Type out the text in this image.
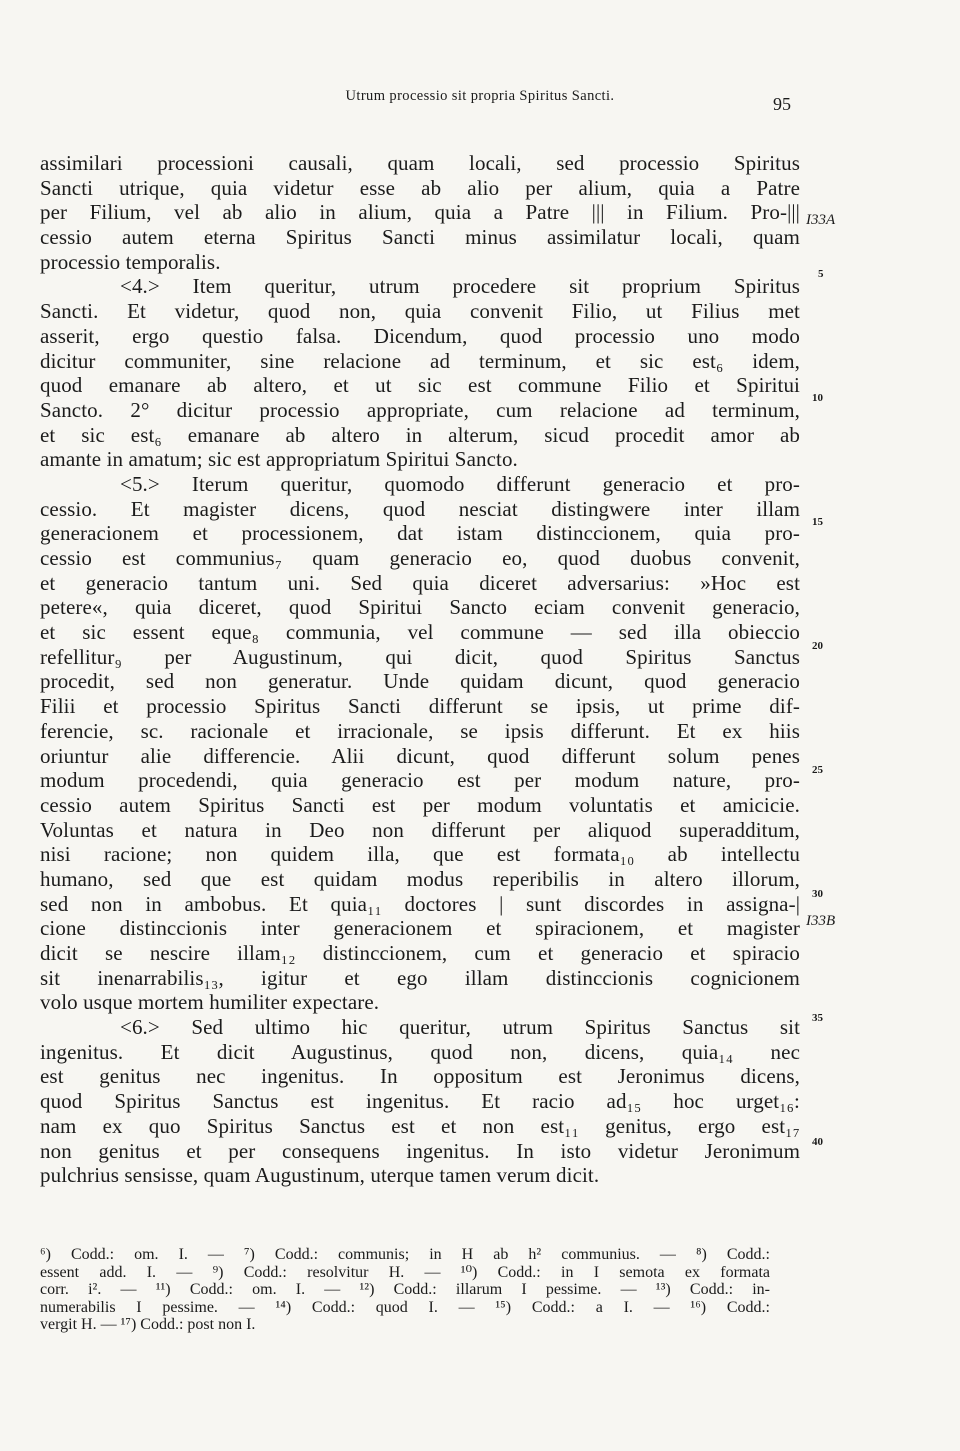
Utrum processio sit propria Spiritus Sancti.	95
assimilari processioni causali, quam locali, sed processio Spiritus
Sancti utrique, quia videtur esse ab alio per alium, quia a Patre
per Filium, vel ab alio in alium, quia a Patre ||| in Filium. Pro-|||
cessio autem eterna Spiritus Sancti minus assimilatur locali, quam
processio temporalis.
<4.> Item queritur, utrum procedere sit proprium Spiritus
Sancti. Et videtur, quod non, quia convenit Filio, ut Filius met
asserit, ergo questio falsa. Dicendum, quod processio uno modo
dicitur communiter, sine relacione ad terminum, et sic est₆ idem,
quod emanare ab altero, et ut sic est commune Filio et Spiritui
Sancto. 2° dicitur processio appropriate, cum relacione ad terminum,
et sic est₆ emanare ab altero in alterum, sicud procedit amor ab
amante in amatum; sic est appropriatum Spiritui Sancto.
<5.> Iterum queritur, quomodo differunt generacio et pro-
cessio. Et magister dicens, quod nesciat distingwere inter illam
generacionem et processionem, dat istam distinccionem, quia pro-
cessio est communius₇ quam generacio eo, quod duobus convenit,
et generacio tantum uni. Sed quia diceret adversarius: »Hoc est
petere«, quia diceret, quod Spiritui Sancto eciam convenit generacio,
et sic essent eque₈ communia, vel commune — sed illa obieccio
refellitur₉ per Augustinum, qui dicit, quod Spiritus Sanctus
procedit, sed non generatur. Unde quidam dicunt, quod generacio
Filii et processio Spiritus Sancti differunt se ipsis, ut prime dif-
ferencie, sc. racionale et irracionale, se ipsis differunt. Et ex hiis
oriuntur alie differencie. Alii dicunt, quod differunt solum penes
modum procedendi, quia generacio est per modum nature, pro-
cessio autem Spiritus Sancti est per modum voluntatis et amicicie.
Voluntas et natura in Deo non differunt per aliquod superadditum,
nisi racione; non quidem illa, que est formata₁₀ ab intellectu
humano, sed que est quidam modus reperibilis in altero illorum,
sed non in ambobus. Et quia₁₁ doctores | sunt discordes in assigna-|
cione distinccionis inter generacionem et spiracionem, et magister
dicit se nescire illam₁₂ distinccionem, cum et generacio et spiracio
sit inenarrabilis₁₃, igitur et ego illam distinccionis cognicionem
volo usque mortem humiliter expectare.
<6.> Sed ultimo hic queritur, utrum Spiritus Sanctus sit
ingenitus. Et dicit Augustinus, quod non, dicens, quia₁₄ nec
est genitus nec ingenitus. In oppositum est Jeronimus dicens,
quod Spiritus Sanctus est ingenitus. Et racio ad₁₅ hoc urget₁₆:
nam ex quo Spiritus Sanctus est et non est₁₁ genitus, ergo est₁₇
non genitus et per consequens ingenitus. In isto videtur Jeronimum
pulchrius sensisse, quam Augustinum, uterque tamen verum dicit.
5
10
15
20
25
30
35
40
I33A
I33B
⁶) Codd.: om. I. — ⁷) Codd.: communis; in H ab h² communius. — ⁸) Codd.:
essent add. I. — ⁹) Codd.: resolvitur H. — ¹⁰) Codd.: in I semota ex formata
corr. i². — ¹¹) Codd.: om. I. — ¹²) Codd.: illarum I pessime. — ¹³) Codd.: in-
numerabilis I pessime. — ¹⁴) Codd.: quod I. — ¹⁵) Codd.: a I. — ¹⁶) Codd.:
vergit H. — ¹⁷) Codd.: post non I.
